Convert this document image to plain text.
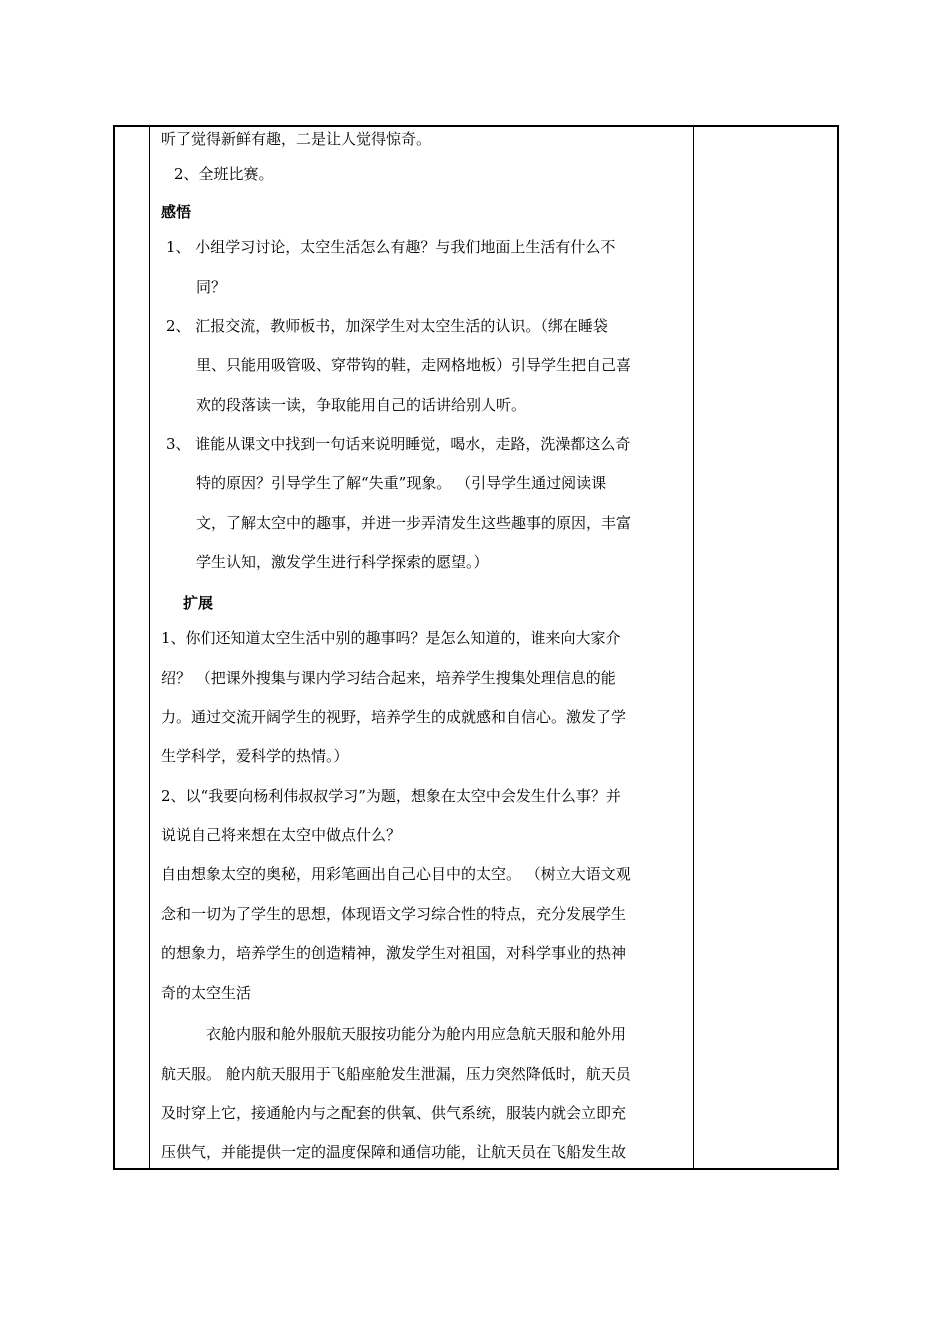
听了觉得新鲜有趣，二是让人觉得惊奇。
2、全班比赛。
感悟
1、 小组学习讨论，太空生活怎么有趣？与我们地面上生活有什么不
同？
2、 汇报交流，教师板书，加深学生对太空生活的认识。（绑在睡袋
里、只能用吸管吸、穿带钩的鞋，走网格地板）引导学生把自己喜
欢的段落读一读，争取能用自己的话讲给别人听。
3、 谁能从课文中找到一句话来说明睡觉，喝水，走路，洗澡都这么奇
特的原因？引导学生了解“失重”现象。 （引导学生通过阅读课
文，了解太空中的趣事，并进一步弄清发生这些趣事的原因，丰富
学生认知，激发学生进行科学探索的愿望。）
扩展
1、你们还知道太空生活中别的趣事吗？是怎么知道的，谁来向大家介
绍？ （把课外搜集与课内学习结合起来，培养学生搜集处理信息的能
力。通过交流开阔学生的视野，培养学生的成就感和自信心。激发了学
生学科学，爱科学的热情。）
2、以“我要向杨利伟叔叔学习”为题，想象在太空中会发生什么事？并
说说自己将来想在太空中做点什么？
自由想象太空的奥秘，用彩笔画出自己心目中的太空。 （树立大语文观
念和一切为了学生的思想，体现语文学习综合性的特点，充分发展学生
的想象力，培养学生的创造精神，激发学生对祖国，对科学事业的热神
奇的太空生活
衣舱内服和舱外服航天服按功能分为舱内用应急航天服和舱外用
航天服。 舱内航天服用于飞船座舱发生泄漏，压力突然降低时，航天员
及时穿上它，接通舱内与之配套的供氧、供气系统，服装内就会立即充
压供气，并能提供一定的温度保障和通信功能，让航天员在飞船发生故
